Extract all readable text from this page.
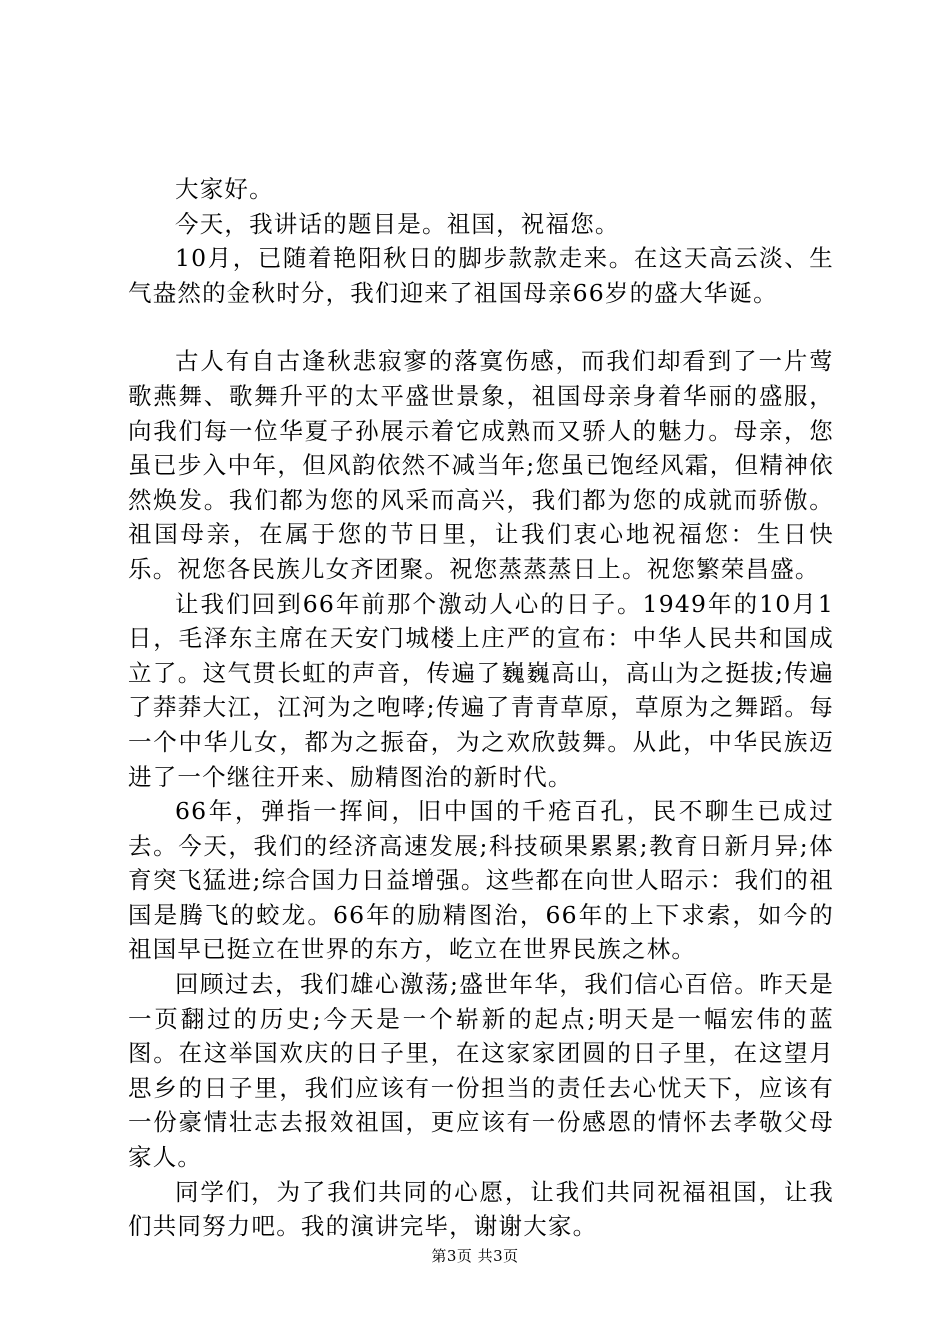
大家好。

今天，我讲话的题目是。祖国，祝福您。

10月，已随着艳阳秋日的脚步款款走来。在这天高云淡、生气盎然的金秋时分，我们迎来了祖国母亲66岁的盛大华诞。

古人有自古逢秋悲寂寥的落寞伤感，而我们却看到了一片莺歌燕舞、歌舞升平的太平盛世景象，祖国母亲身着华丽的盛服，向我们每一位华夏子孙展示着它成熟而又骄人的魅力。母亲，您虽已步入中年，但风韵依然不减当年;您虽已饱经风霜，但精神依然焕发。我们都为您的风采而高兴，我们都为您的成就而骄傲。祖国母亲，在属于您的节日里，让我们衷心地祝福您：生日快乐。祝您各民族儿女齐团聚。祝您蒸蒸蒸日上。祝您繁荣昌盛。

让我们回到66年前那个激动人心的日子。1949年的10月1日，毛泽东主席在天安门城楼上庄严的宣布：中华人民共和国成立了。这气贯长虹的声音，传遍了巍巍高山，高山为之挺拔;传遍了莽莽大江，江河为之咆哮;传遍了青青草原，草原为之舞蹈。每一个中华儿女，都为之振奋，为之欢欣鼓舞。从此，中华民族迈进了一个继往开来、励精图治的新时代。

66年，弹指一挥间，旧中国的千疮百孔，民不聊生已成过去。今天，我们的经济高速发展;科技硕果累累;教育日新月异;体育突飞猛进;综合国力日益增强。这些都在向世人昭示：我们的祖国是腾飞的蛟龙。66年的励精图治，66年的上下求索，如今的祖国早已挺立在世界的东方，屹立在世界民族之林。

回顾过去，我们雄心激荡;盛世年华，我们信心百倍。昨天是一页翻过的历史;今天是一个崭新的起点;明天是一幅宏伟的蓝图。在这举国欢庆的日子里，在这家家团圆的日子里，在这望月思乡的日子里，我们应该有一份担当的责任去心忧天下，应该有一份豪情壮志去报效祖国，更应该有一份感恩的情怀去孝敬父母家人。

同学们，为了我们共同的心愿，让我们共同祝福祖国，让我们共同努力吧。我的演讲完毕，谢谢大家。

第3页 共3页
